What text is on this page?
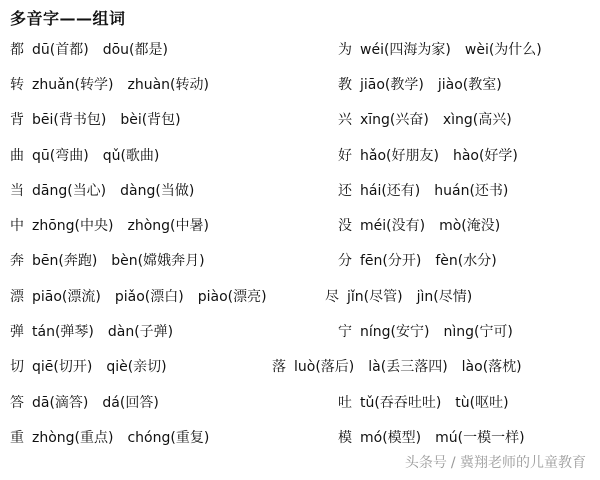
多音字——组词
都 dū(首都) dōu(都是)
转 zhuǎn(转学) zhuàn(转动)
背 bēi(背书包) bèi(背包)
曲 qū(弯曲) qǔ(歌曲)
当 dāng(当心) dàng(当做)
中 zhōng(中央) zhòng(中暑)
奔 bēn(奔跑) bèn(嫦娥奔月)
漂 piāo(漂流) piǎo(漂白) piào(漂亮)
弹 tán(弹琴) dàn(子弹)
切 qiē(切开) qiè(亲切)
答 dā(滴答) dá(回答)
重 zhòng(重点) chóng(重复)
为 wéi(四海为家) wèi(为什么)
教 jiāo(教学) jiào(教室)
兴 xīng(兴奋) xìng(高兴)
好 hǎo(好朋友) hào(好学)
还 hái(还有) huán(还书)
没 méi(没有) mò(淹没)
分 fēn(分开) fèn(水分)
尽 jǐn(尽管) jìn(尽情)
宁 níng(安宁) nìng(宁可)
落 luò(落后) là(丢三落四) lào(落枕)
吐 tǔ(吞吞吐吐) tù(呕吐)
模 mó(模型) mú(一模一样)
头条号 / 冀翔老师的儿童教育
